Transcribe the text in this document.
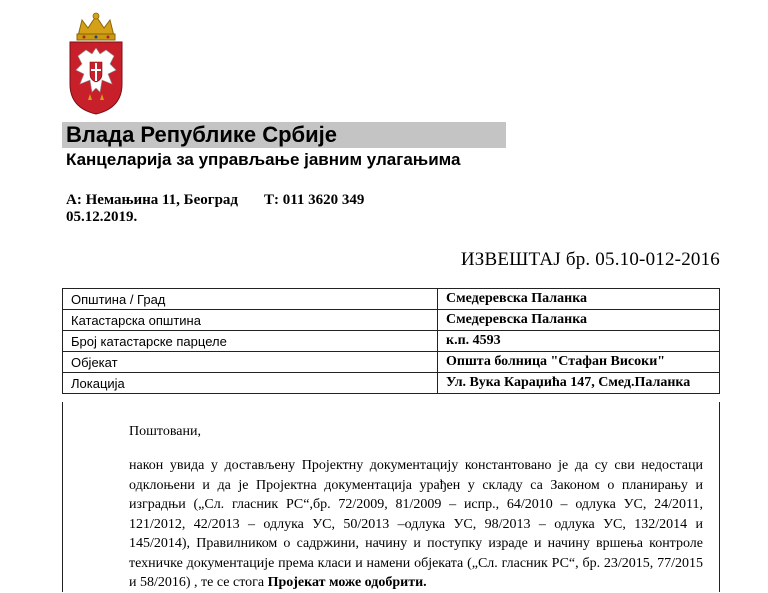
Влада Републике Србије
Канцеларија за управљање јавним улагањима
А: Немањина 11, Београд Т: 011 3620 349
05.12.2019.
ИЗВЕШТАЈ бр. 05.10-012-2016
Општина / Град	Смедеревска Паланка
Катастарска општина	Смедеревска Паланка
Број катастарске парцеле	к.п. 4593
Објекат	Општа болница "Стафан Високи"
Локација	Ул. Вука Караџића 147, Смед.Паланка
Поштовани,

након увида у достављену Пројектну документацију констaнтовано је да су сви недостаци одклоњени и да је Пројектна документација урађен у складу са Законом о планирању и изградњи („Сл. гласник РС“,бр. 72/2009, 81/2009 – испр., 64/2010 – одлука УС, 24/2011, 121/2012, 42/2013 – одлука УС, 50/2013 –одлука УС, 98/2013 – одлука УС, 132/2014 и 145/2014), Правилником о садржини, начину и поступку израде и начину вршења контроле техничке документације према класи и намени објеката („Сл. гласник РС“, бр. 23/2015, 77/2015 и 58/2016) , те се стога Пројекат може одобрити.
